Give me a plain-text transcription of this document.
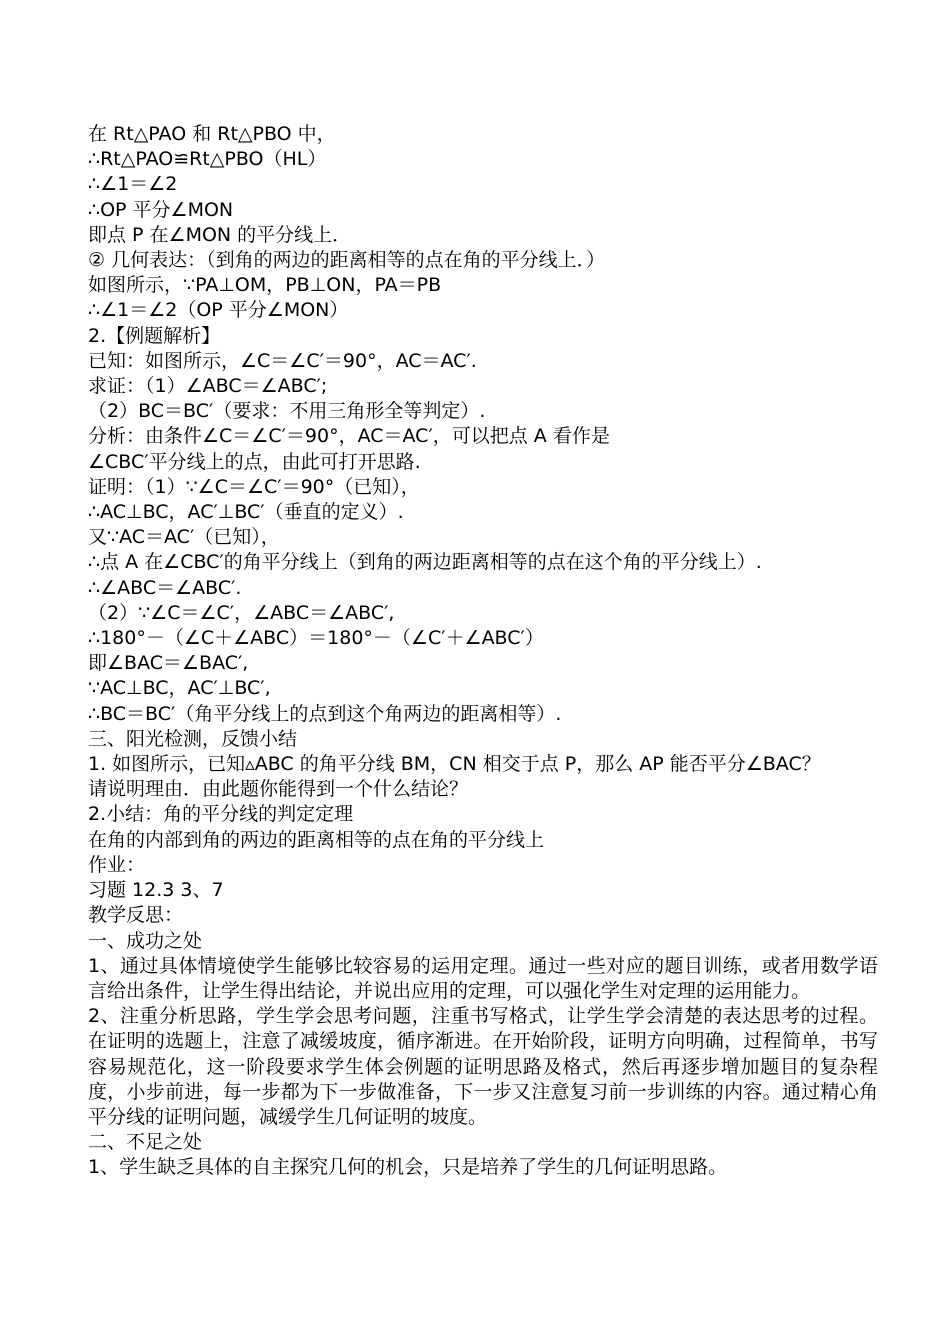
在 Rt△PAO 和 Rt△PBO 中，
∴Rt△PAO≌Rt△PBO（HL）
∴∠1＝∠2
∴OP 平分∠MON
即点 P 在∠MON 的平分线上．
② 几何表达：（到角的两边的距离相等的点在角的平分线上．）
如图所示，∵PA⊥OM，PB⊥ON，PA＝PB
∴∠1＝∠2（OP 平分∠MON）
2.【例题解析】
已知：如图所示，∠C＝∠C′＝90°，AC＝AC′.
求证：（1）∠ABC＝∠ABC′;
（2）BC＝BC′（要求：不用三角形全等判定）.
分析：由条件∠C＝∠C′＝90°，AC＝AC′，可以把点 A 看作是
∠CBC′平分线上的点，由此可打开思路.
证明：（1）∵∠C＝∠C′＝90°（已知），
∴AC⊥BC，AC′⊥BC′（垂直的定义）.
又∵AC＝AC′（已知），
∴点 A 在∠CBC′的角平分线上（到角的两边距离相等的点在这个角的平分线上）.
∴∠ABC＝∠ABC′.
（2）∵∠C＝∠C′，∠ABC＝∠ABC′,
∴180°－（∠C＋∠ABC）＝180°－（∠C′＋∠ABC′）
即∠BAC＝∠BAC′,
∵AC⊥BC，AC′⊥BC′,
∴BC＝BC′（角平分线上的点到这个角两边的距离相等）.
三、阳光检测，反馈小结
1. 如图所示，已知▵ABC 的角平分线 BM，CN 相交于点 P，那么 AP 能否平分∠BAC？
请说明理由．由此题你能得到一个什么结论？
2.小结：角的平分线的判定定理
在角的内部到角的两边的距离相等的点在角的平分线上
作业：
习题 12.3 3、7
教学反思：
一、成功之处
1、通过具体情境使学生能够比较容易的运用定理。通过一些对应的题目训练，或者用数学语言给出条件，让学生得出结论，并说出应用的定理，可以强化学生对定理的运用能力。
2、注重分析思路，学生学会思考问题，注重书写格式，让学生学会清楚的表达思考的过程。在证明的选题上，注意了减缓坡度，循序渐进。在开始阶段，证明方向明确，过程简单，书写容易规范化，这一阶段要求学生体会例题的证明思路及格式，然后再逐步增加题目的复杂程度，小步前进，每一步都为下一步做准备，下一步又注意复习前一步训练的内容。通过精心角平分线的证明问题，减缓学生几何证明的坡度。
二、不足之处
1、学生缺乏具体的自主探究几何的机会，只是培养了学生的几何证明思路。
